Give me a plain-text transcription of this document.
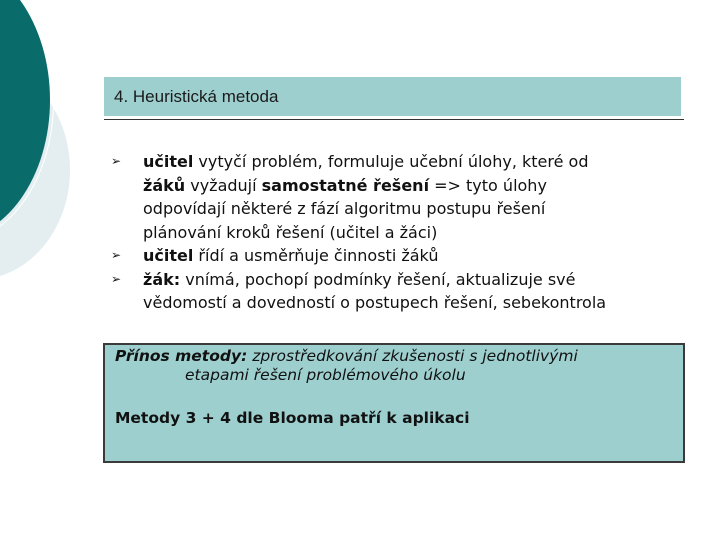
4. Heuristická metoda
➢ učitel vytyčí problém, formuluje učební úlohy, které od
žáků vyžadují samostatné řešení => tyto úlohy
odpovídají některé z fází algoritmu postupu řešení
plánování kroků řešení (učitel a žáci)
➢ učitel řídí a usměrňuje činnosti žáků
➢ žák: vnímá, pochopí podmínky řešení, aktualizuje své
vědomostí a dovedností o postupech řešení, sebekontrola
Přínos metody: zprostředkování zkušenosti s jednotlivými
etapami řešení problémového úkolu
Metody 3 + 4 dle Blooma patří k aplikaci
